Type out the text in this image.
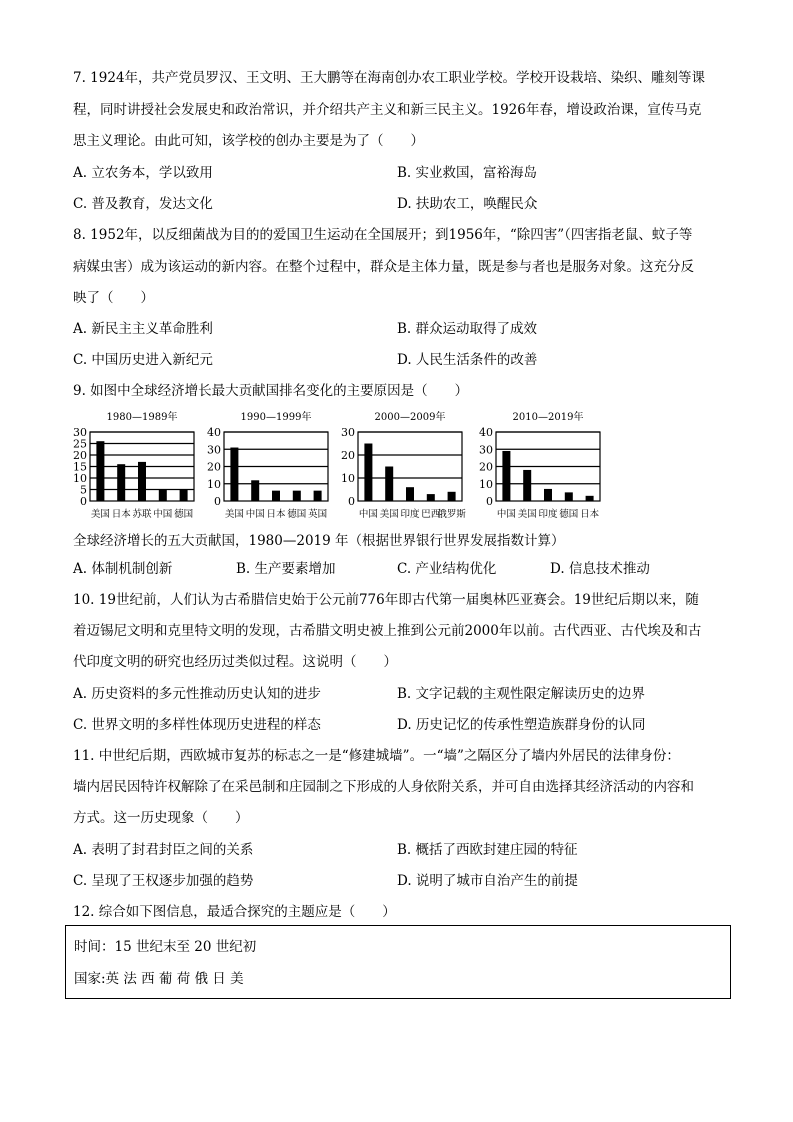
7. 1924年，共产党员罗汉、王文明、王大鹏等在海南创办农工职业学校。学校开设栽培、染织、雕刻等课
程，同时讲授社会发展史和政治常识，并介绍共产主义和新三民主义。1926年春，增设政治课，宣传马克
思主义理论。由此可知，该学校的创办主要是为了（　　）
A. 立农务本，学以致用	B. 实业救国，富裕海岛
C. 普及教育，发达文化	D. 扶助农工，唤醒民众
8. 1952年，以反细菌战为目的的爱国卫生运动在全国展开；到1956年，“除四害”（四害指老鼠、蚊子等
病媒虫害）成为该运动的新内容。在整个过程中，群众是主体力量，既是参与者也是服务对象。这充分反
映了（　　）
A. 新民主主义革命胜利	B. 群众运动取得了成效
C. 中国历史进入新纪元	D. 人民生活条件的改善
9. 如图中全球经济增长最大贡献国排名变化的主要原因是（　　）
1980—1989年
0
5
10
15
20
25
30
美国 日本 苏联 中国 德国
1990—1999年
0
10
20
30
40
美国 中国 日本 德国 英国
2000—2009年
0
10
20
30
中国 美国 印度 巴西
俄罗斯
2010—2019年
0
10
20
30
40
中国 美国 印度 德国 日本
全球经济增长的五大贡献国，1980—2019 年（根据世界银行世界发展指数计算）
A. 体制机制创新	B. 生产要素增加	C. 产业结构优化	D. 信息技术推动
10. 19世纪前，人们认为古希腊信史始于公元前776年即古代第一届奥林匹亚赛会。19世纪后期以来，随
着迈锡尼文明和克里特文明的发现，古希腊文明史被上推到公元前2000年以前。古代西亚、古代埃及和古
代印度文明的研究也经历过类似过程。这说明（　　）
A. 历史资料的多元性推动历史认知的进步	B. 文字记载的主观性限定解读历史的边界
C. 世界文明的多样性体现历史进程的样态	D. 历史记忆的传承性塑造族群身份的认同
11. 中世纪后期，西欧城市复苏的标志之一是“修建城墙”。一“墙”之隔区分了墙内外居民的法律身份：
墙内居民因特许权解除了在采邑制和庄园制之下形成的人身依附关系，并可自由选择其经济活动的内容和
方式。这一历史现象（　　）
A. 表明了封君封臣之间的关系	B. 概括了西欧封建庄园的特征
C. 呈现了王权逐步加强的趋势	D. 说明了城市自治产生的前提
12. 综合如下图信息，最适合探究的主题应是（　　）
时间：15 世纪末至 20 世纪初
国家:英 法 西 葡 荷 俄 日 美
